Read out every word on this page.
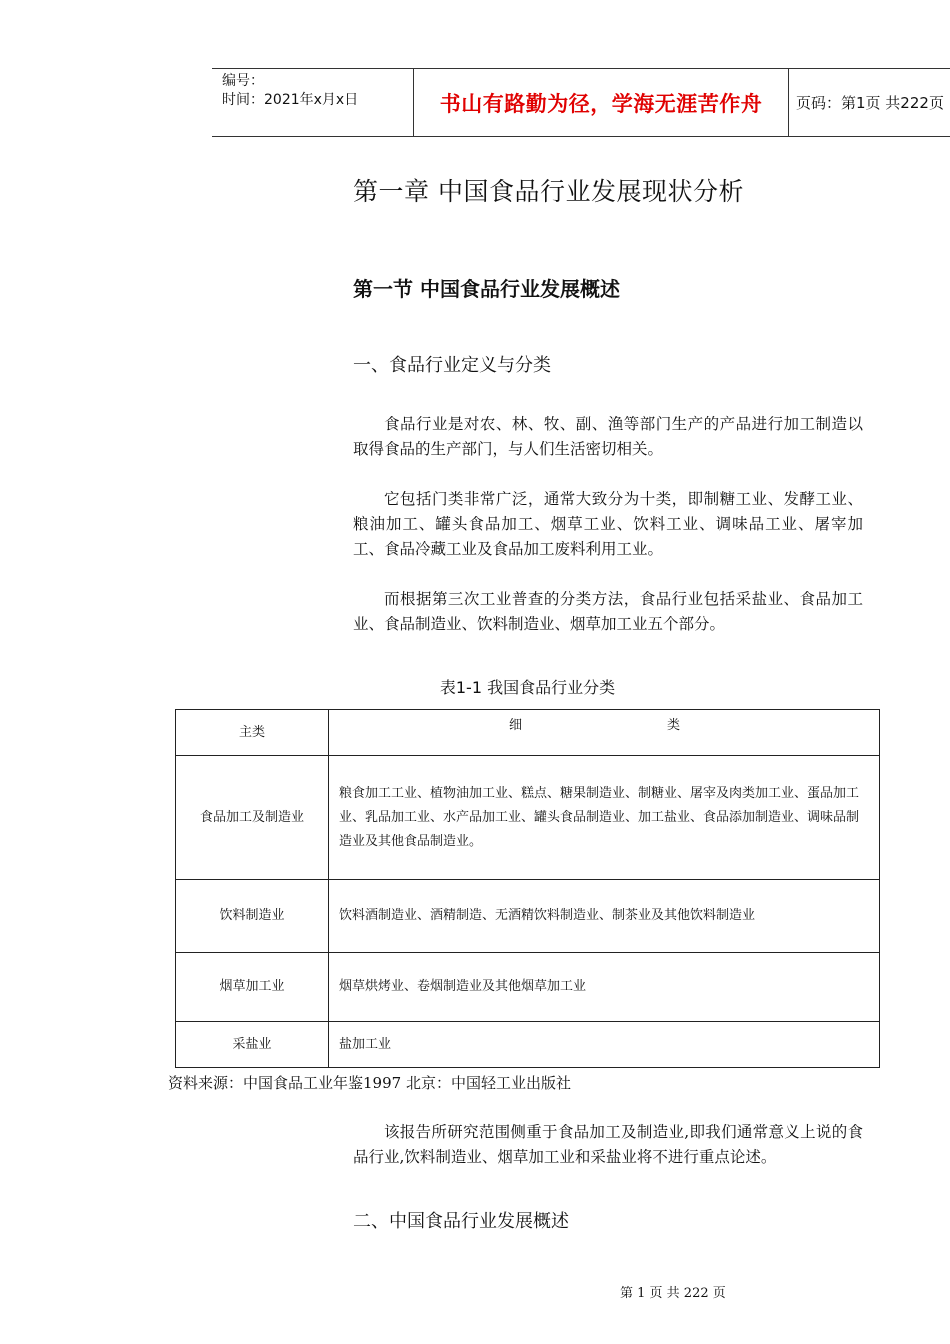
编号：
时间：2021年x月x日	书山有路勤为径，学海无涯苦作舟	页码：第1页 共222页
第一章 中国食品行业发展现状分析
第一节 中国食品行业发展概述
一、食品行业定义与分类

食品行业是对农、林、牧、副、渔等部门生产的产品进行加工制造以取得食品的生产部门，与人们生活密切相关。

它包括门类非常广泛，通常大致分为十类，即制糖工业、发酵工业、粮油加工、罐头食品加工、烟草工业、饮料工业、调味品工业、屠宰加工、食品冷藏工业及食品加工废料利用工业。

而根据第三次工业普查的分类方法，食品行业包括采盐业、食品加工业、食品制造业、饮料制造业、烟草加工业五个部分。

表1-1 我国食品行业分类
主类	细 类

食品加工及制造业	粮食加工工业、植物油加工业、糕点、糖果制造业、制糖业、屠宰及肉类加工业、蛋品加工业、乳品加工业、水产品加工业、罐头食品制造业、加工盐业、食品添加制造业、调味品制造业及其他食品制造业。
饮料制造业	饮料酒制造业、酒精制造、无酒精饮料制造业、制茶业及其他饮料制造业
烟草加工业	烟草烘烤业、卷烟制造业及其他烟草加工业
采盐业	盐加工业
资料来源：中国食品工业年鉴1997 北京：中国轻工业出版社

该报告所研究范围侧重于食品加工及制造业,即我们通常意义上说的食品行业,饮料制造业、烟草加工业和采盐业将不进行重点论述。

二、中国食品行业发展概述
第 1 页 共 222 页
